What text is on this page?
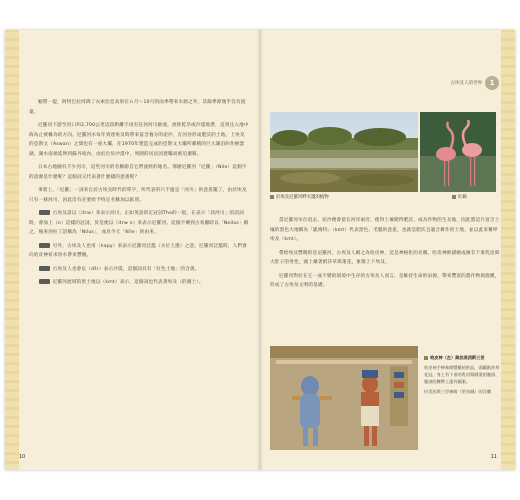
順帶一提，阿特巴拉河降了衣索比亞高原在６月～10月的雨季帶來水源之外，其餘季節幾乎沒有流量。

尼羅河下游至河口約2,700公里這段距離不再有任何河川匯流，流經乾旱或沙漠地帶，直到注入地中海為止被稱為的方向。尼羅河水每年到達埃及時帶來富含養分的泥沙，在河谷形成肥沃的土地。上埃及的亞斯文（Aswan）之間也有一座大壩，在1970年建造完成的亞斯文大壩所蓄積的巨大湖泊叫作納瑟湖，湖水南端延伸到蘇丹境內，由於位於沙漠中，周圍的居民因建壩而被迫遷移。

日本古地圖有不少河川，這些河川的名稱源自它們流經的地名。那麼尼羅河「尼羅」（Nile）這個字的語源是什麼呢？這個詞又代表著什麼樣的意義呢？

事實上，「尼羅」一詞來自於古埃及時代的單字，所代表的只不過是「河川」的意思罷了。由於埃及只有一條河川，因此沒有必要給予特定名稱加以區別。

古埃及語以（itrw）來表示河川。正如英語的定冠詞The的一般，在表示「該河川」的語詞時，會加上（n）這樣的冠詞，於是便以（itrw n）來表示尼羅河。這個字傳到古希臘時以「Neilos」稱之，後來到拉丁語稱為「Nilus」，成為今天「Nile」的由來。

另外，古埃及人也用（hapy）來表示尼羅河泛濫（水位上漲）之意。尼羅河泛濫時，人們會向哈皮神祈求河水帶來豐饒。

古埃及人也會以（dšr）表示沙漠，這個詞具有「紅色土地」的含義。

尼羅河流域的黑土地以（kmt）表示，這個詞也代表著埃及（的國土）。

10
古埃及人的世界	1
於埃及尼羅河畔水邊的植物	紅鶴

當尼羅河水位退去，泥沙便會留在河岸兩旁，使得土壤變得肥沃，成為作物的生長地，因此將這片富含土壤的黑色大地稱為「凱梅特」（kmt）代表黑色、毛髮的意思，也就是肥沃且適合耕作的土地，並以此來稱呼埃及（kmt）。

帶給埃及豐饒的是尼羅河，古埃及人稱之為哈皮神，這是神格化的名稱。哈皮神被描繪成擁有下垂乳房與大肚子的男性，頭上戴著紙莎草與蓮花，象徵上下埃及。

尼羅河對於在它一成不變的環境中生存的古埃及人而言，是維持生命的泉源，帶來豐富的農作物與漁獲，形成了古埃及文明的基礎。

哈皮神（左）與拉美西斯三世

哈皮神手捧象徵豐饒的供品，頭戴紙莎草花冠，身上有下垂的乳房與圓滾的腹部，腹部的腰帶上還有圖案。

拉美西斯三世神殿（哈布城）的浮雕

11
